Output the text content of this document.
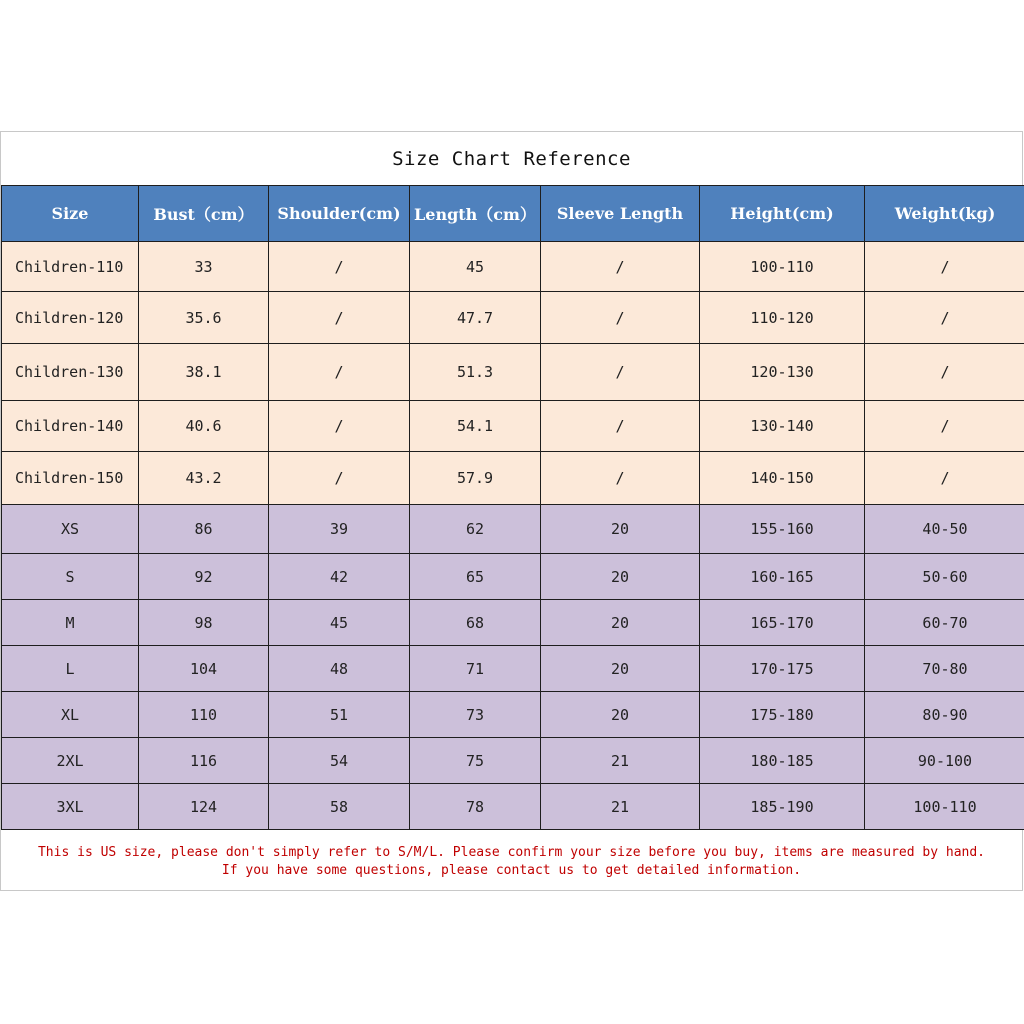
Size Chart Reference
Size	Bust（cm）	Shoulder(cm)	Length（cm）	Sleeve Length	Height(cm)	Weight(kg)
Children-110	33	/	45	/	100-110	/
Children-120	35.6	/	47.7	/	110-120	/
Children-130	38.1	/	51.3	/	120-130	/
Children-140	40.6	/	54.1	/	130-140	/
Children-150	43.2	/	57.9	/	140-150	/
XS	86	39	62	20	155-160	40-50
S	92	42	65	20	160-165	50-60
M	98	45	68	20	165-170	60-70
L	104	48	71	20	170-175	70-80
XL	110	51	73	20	175-180	80-90
2XL	116	54	75	21	180-185	90-100
3XL	124	58	78	21	185-190	100-110
This is US size, please don't simply refer to S/M/L. Please confirm your size before you buy, items are measured by hand.
If you have some questions, please contact us to get detailed information.
